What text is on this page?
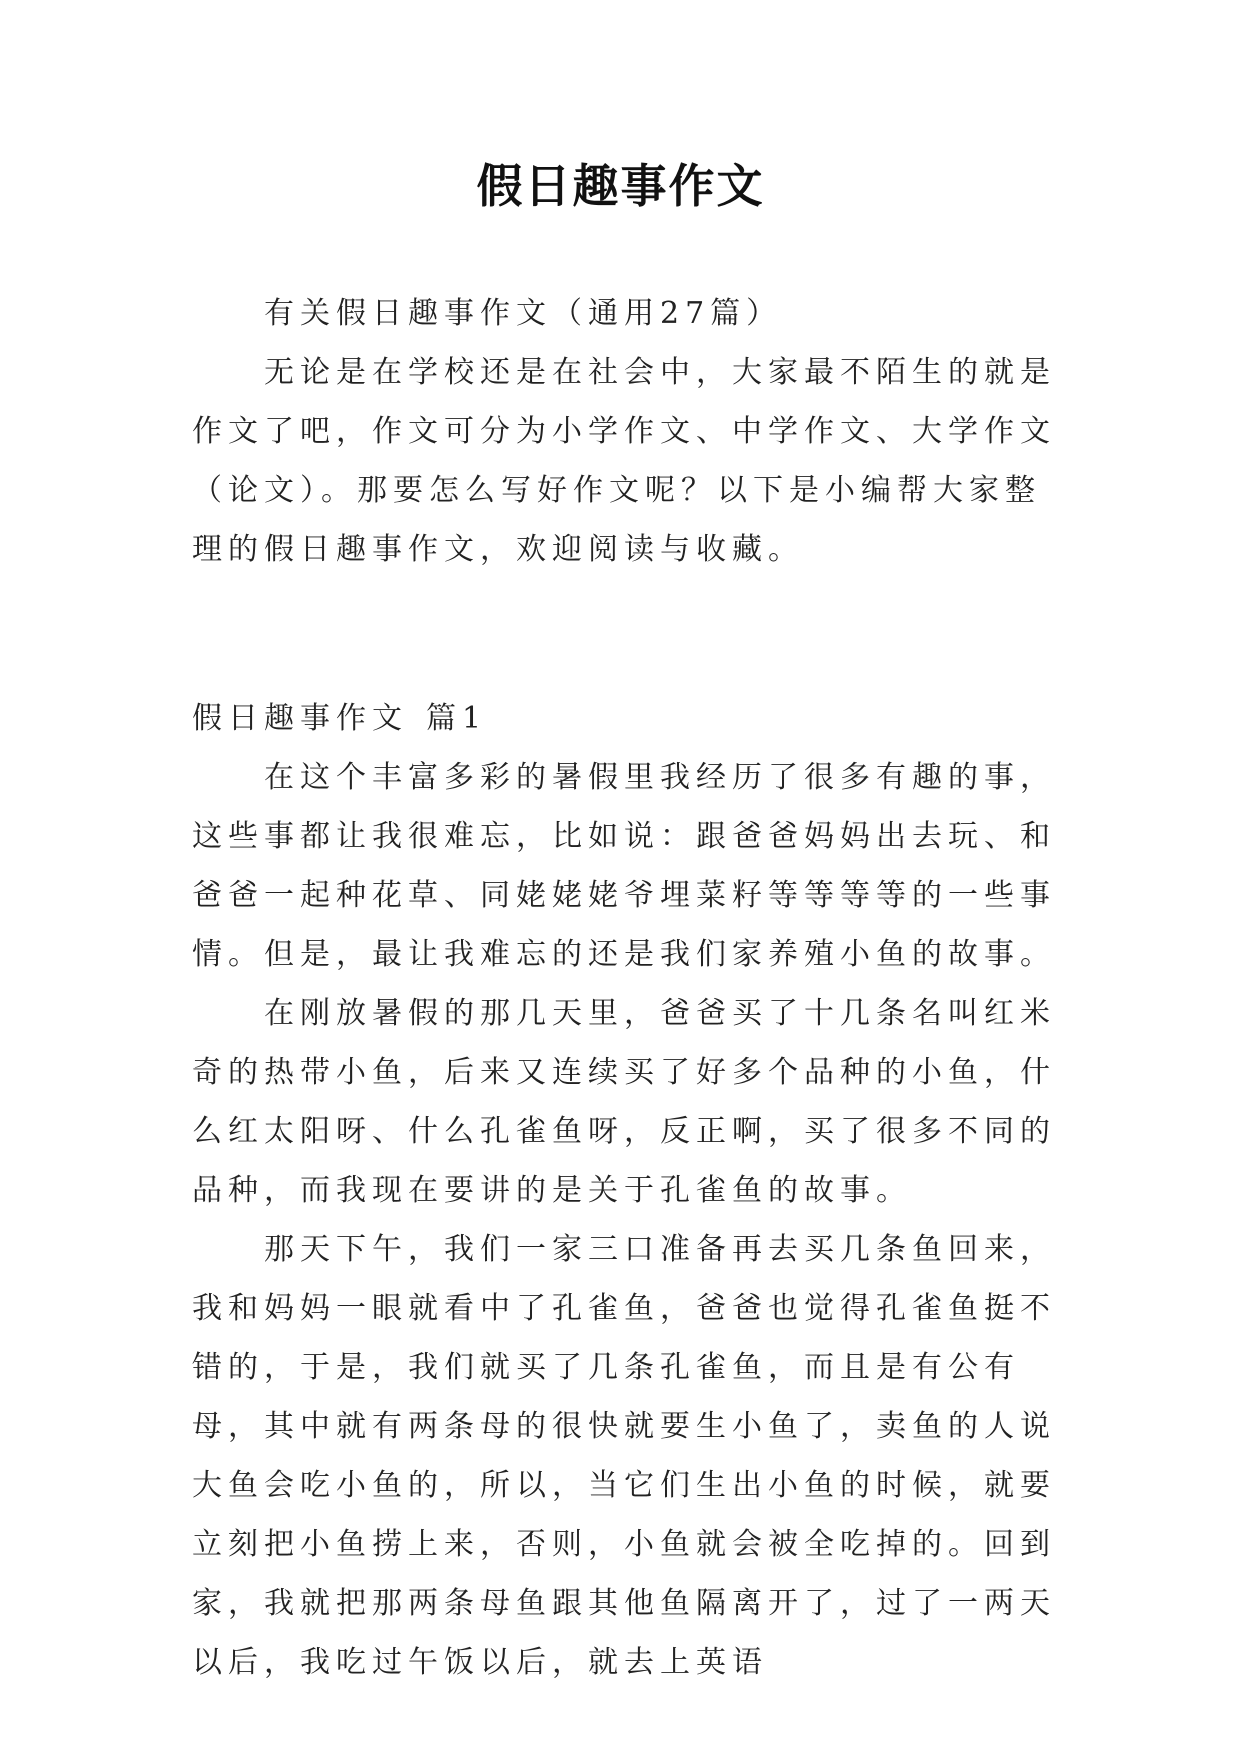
假日趣事作文

有关假日趣事作文（通用27篇）

无论是在学校还是在社会中，大家最不陌生的就是作文了吧，作文可分为小学作文、中学作文、大学作文（论文）。那要怎么写好作文呢？以下是小编帮大家整理的假日趣事作文，欢迎阅读与收藏。

假日趣事作文 篇1

在这个丰富多彩的暑假里我经历了很多有趣的事，这些事都让我很难忘，比如说：跟爸爸妈妈出去玩、和爸爸一起种花草、同姥姥姥爷埋菜籽等等等等的一些事情。但是，最让我难忘的还是我们家养殖小鱼的故事。

在刚放暑假的那几天里，爸爸买了十几条名叫红米奇的热带小鱼，后来又连续买了好多个品种的小鱼，什么红太阳呀、什么孔雀鱼呀，反正啊，买了很多不同的品种，而我现在要讲的是关于孔雀鱼的故事。

那天下午，我们一家三口准备再去买几条鱼回来，我和妈妈一眼就看中了孔雀鱼，爸爸也觉得孔雀鱼挺不错的，于是，我们就买了几条孔雀鱼，而且是有公有母，其中就有两条母的很快就要生小鱼了，卖鱼的人说大鱼会吃小鱼的，所以，当它们生出小鱼的时候，就要立刻把小鱼捞上来，否则，小鱼就会被全吃掉的。回到家，我就把那两条母鱼跟其他鱼隔离开了，过了一两天以后，我吃过午饭以后，就去上英语
